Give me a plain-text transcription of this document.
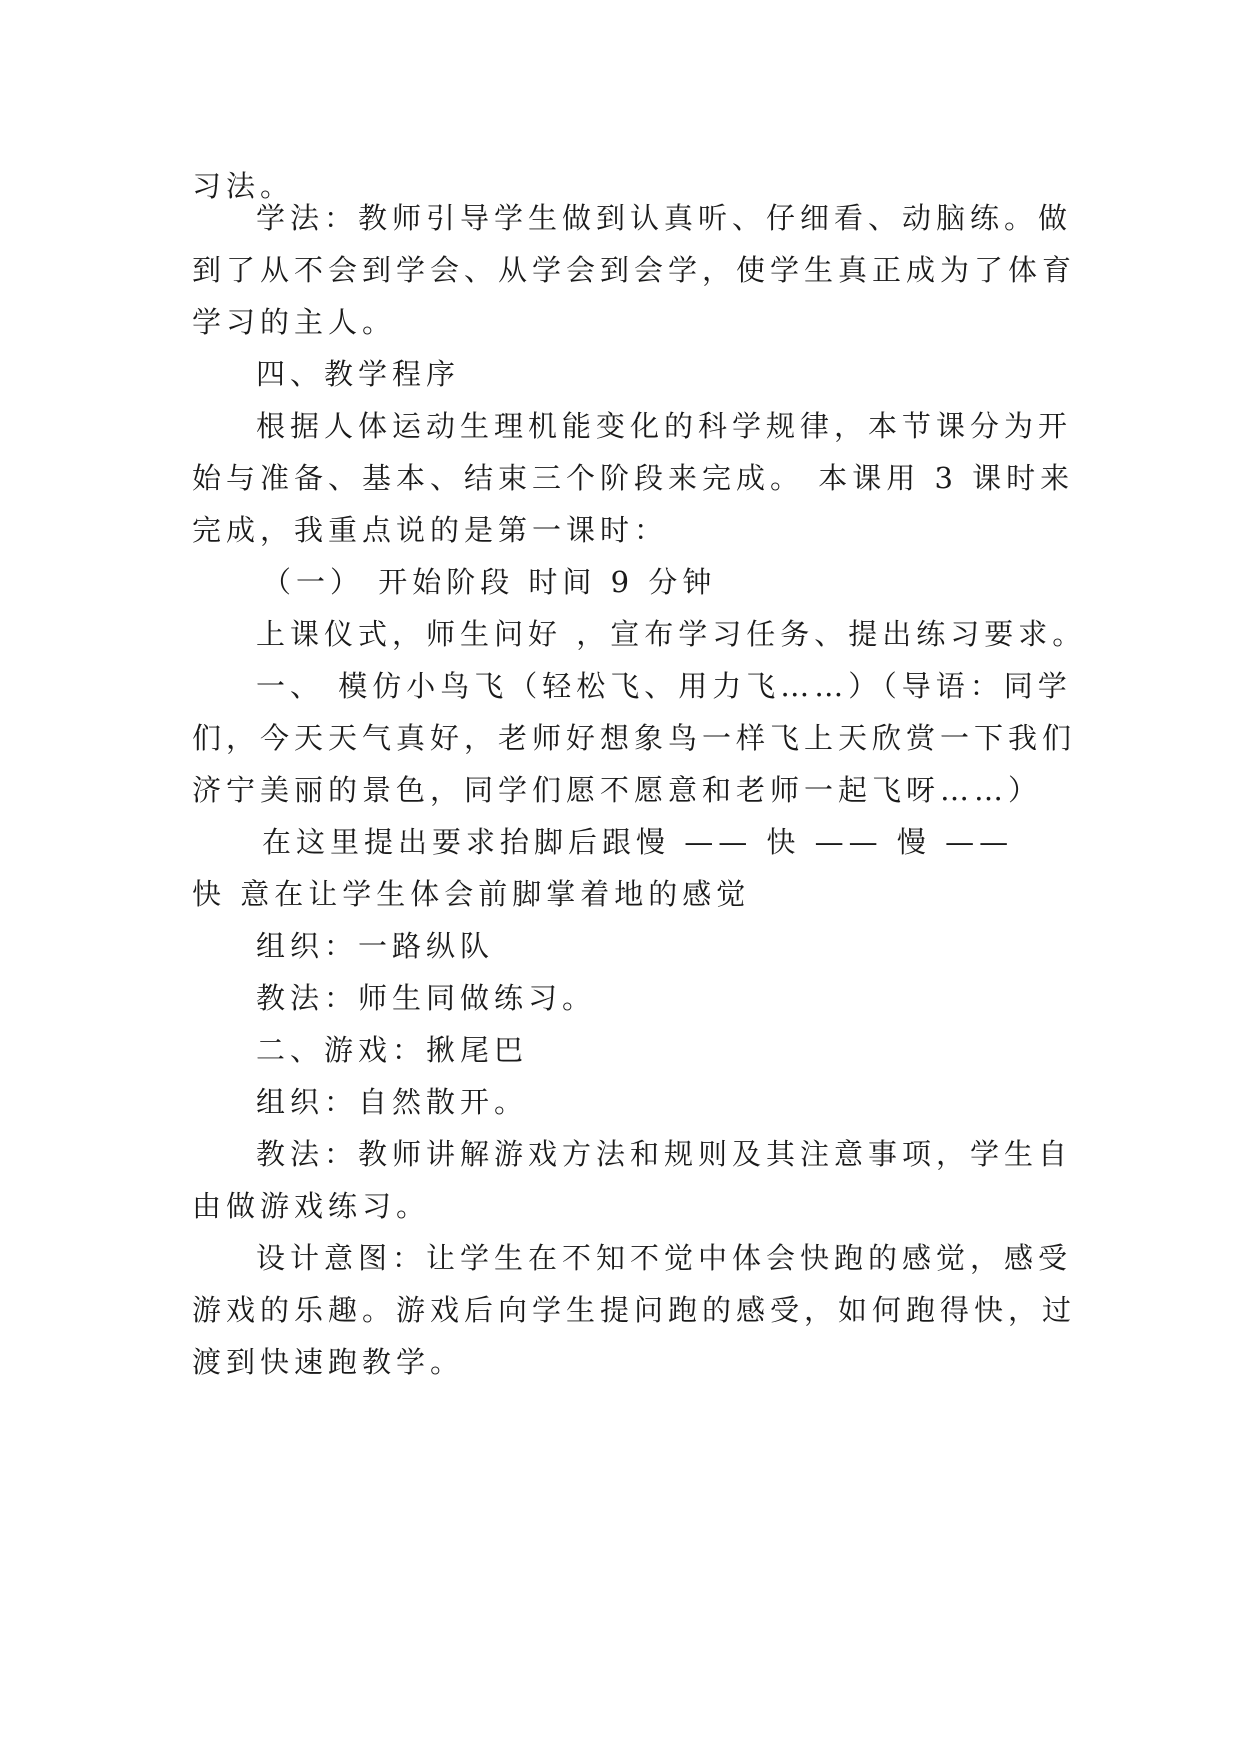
习法。
学法：教师引导学生做到认真听、仔细看、动脑练。做
到了从不会到学会、从学会到会学，使学生真正成为了体育
学习的主人。
四、教学程序
根据人体运动生理机能变化的科学规律，本节课分为开
始与准备、基本、结束三个阶段来完成。 本课用 3 课时来
完成，我重点说的是第一课时：
（一） 开始阶段 时间 9 分钟
上课仪式，师生问好 ，宣布学习任务、提出练习要求。
一、 模仿小鸟飞（轻松飞、用力飞……）（导语：同学
们，今天天气真好，老师好想象鸟一样飞上天欣赏一下我们
济宁美丽的景色，同学们愿不愿意和老师一起飞呀……）
在这里提出要求抬脚后跟慢 —— 快 —— 慢 ——
快 意在让学生体会前脚掌着地的感觉
组织：一路纵队
教法：师生同做练习。
二、游戏：揪尾巴
组织：自然散开。
教法：教师讲解游戏方法和规则及其注意事项，学生自
由做游戏练习。
设计意图：让学生在不知不觉中体会快跑的感觉，感受
游戏的乐趣。游戏后向学生提问跑的感受，如何跑得快，过
渡到快速跑教学。
